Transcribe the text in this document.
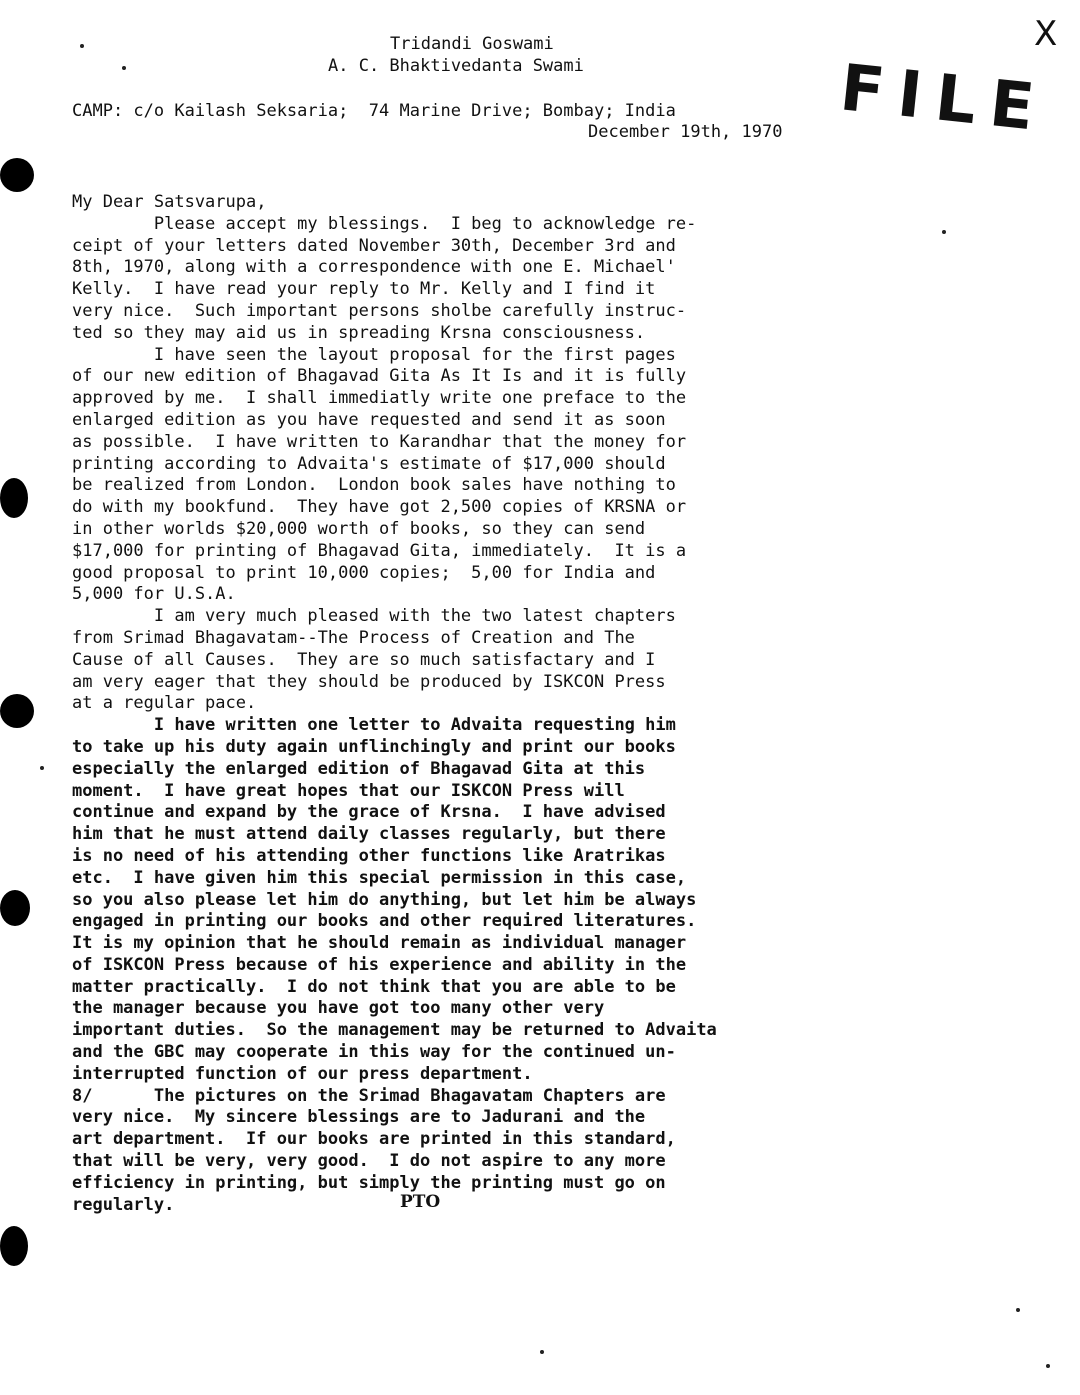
X
Tridandi Goswami
A. C. Bhaktivedanta Swami	FILE
CAMP: c/o Kailash Seksaria;  74 Marine Drive; Bombay; India
December 19th, 1970
My Dear Satsvarupa,
Please accept my blessings.  I beg to acknowledge re-
ceipt of your letters dated November 30th, December 3rd and
8th, 1970, along with a correspondence with one E. Michael'
Kelly.  I have read your reply to Mr. Kelly and I find it
very nice.  Such important persons sholbe carefully instruc-
ted so they may aid us in spreading Krsna consciousness.
I have seen the layout proposal for the first pages
of our new edition of Bhagavad Gita As It Is and it is fully
approved by me.  I shall immediatly write one preface to the
enlarged edition as you have requested and send it as soon
as possible.  I have written to Karandhar that the money for
printing according to Advaita's estimate of $17,000 should
be realized from London.  London book sales have nothing to
do with my bookfund.  They have got 2,500 copies of KRSNA or
in other worlds $20,000 worth of books, so they can send
$17,000 for printing of Bhagavad Gita, immediately.  It is a
good proposal to print 10,000 copies;  5,00 for India and
5,000 for U.S.A.
I am very much pleased with the two latest chapters
from Srimad Bhagavatam--The Process of Creation and The
Cause of all Causes.  They are so much satisfactary and I
am very eager that they should be produced by ISKCON Press
at a regular pace.
I have written one letter to Advaita requesting him
to take up his duty again unflinchingly and print our books
especially the enlarged edition of Bhagavad Gita at this
moment.  I have great hopes that our ISKCON Press will
continue and expand by the grace of Krsna.  I have advised
him that he must attend daily classes regularly, but there
is no need of his attending other functions like Aratrikas
etc.  I have given him this special permission in this case,
so you also please let him do anything, but let him be always
engaged in printing our books and other required literatures.
It is my opinion that he should remain as individual manager
of ISKCON Press because of his experience and ability in the
matter practically.  I do not think that you are able to be
the manager because you have got too many other very
important duties.  So the management may be returned to Advaita
and the GBC may cooperate in this way for the continued un-
interrupted function of our press department.
8/      The pictures on the Srimad Bhagavatam Chapters are
very nice.  My sincere blessings are to Jadurani and the
art department.  If our books are printed in this standard,
that will be very, very good.  I do not aspire to any more
efficiency in printing, but simply the printing must go on
regularly.	PTO
